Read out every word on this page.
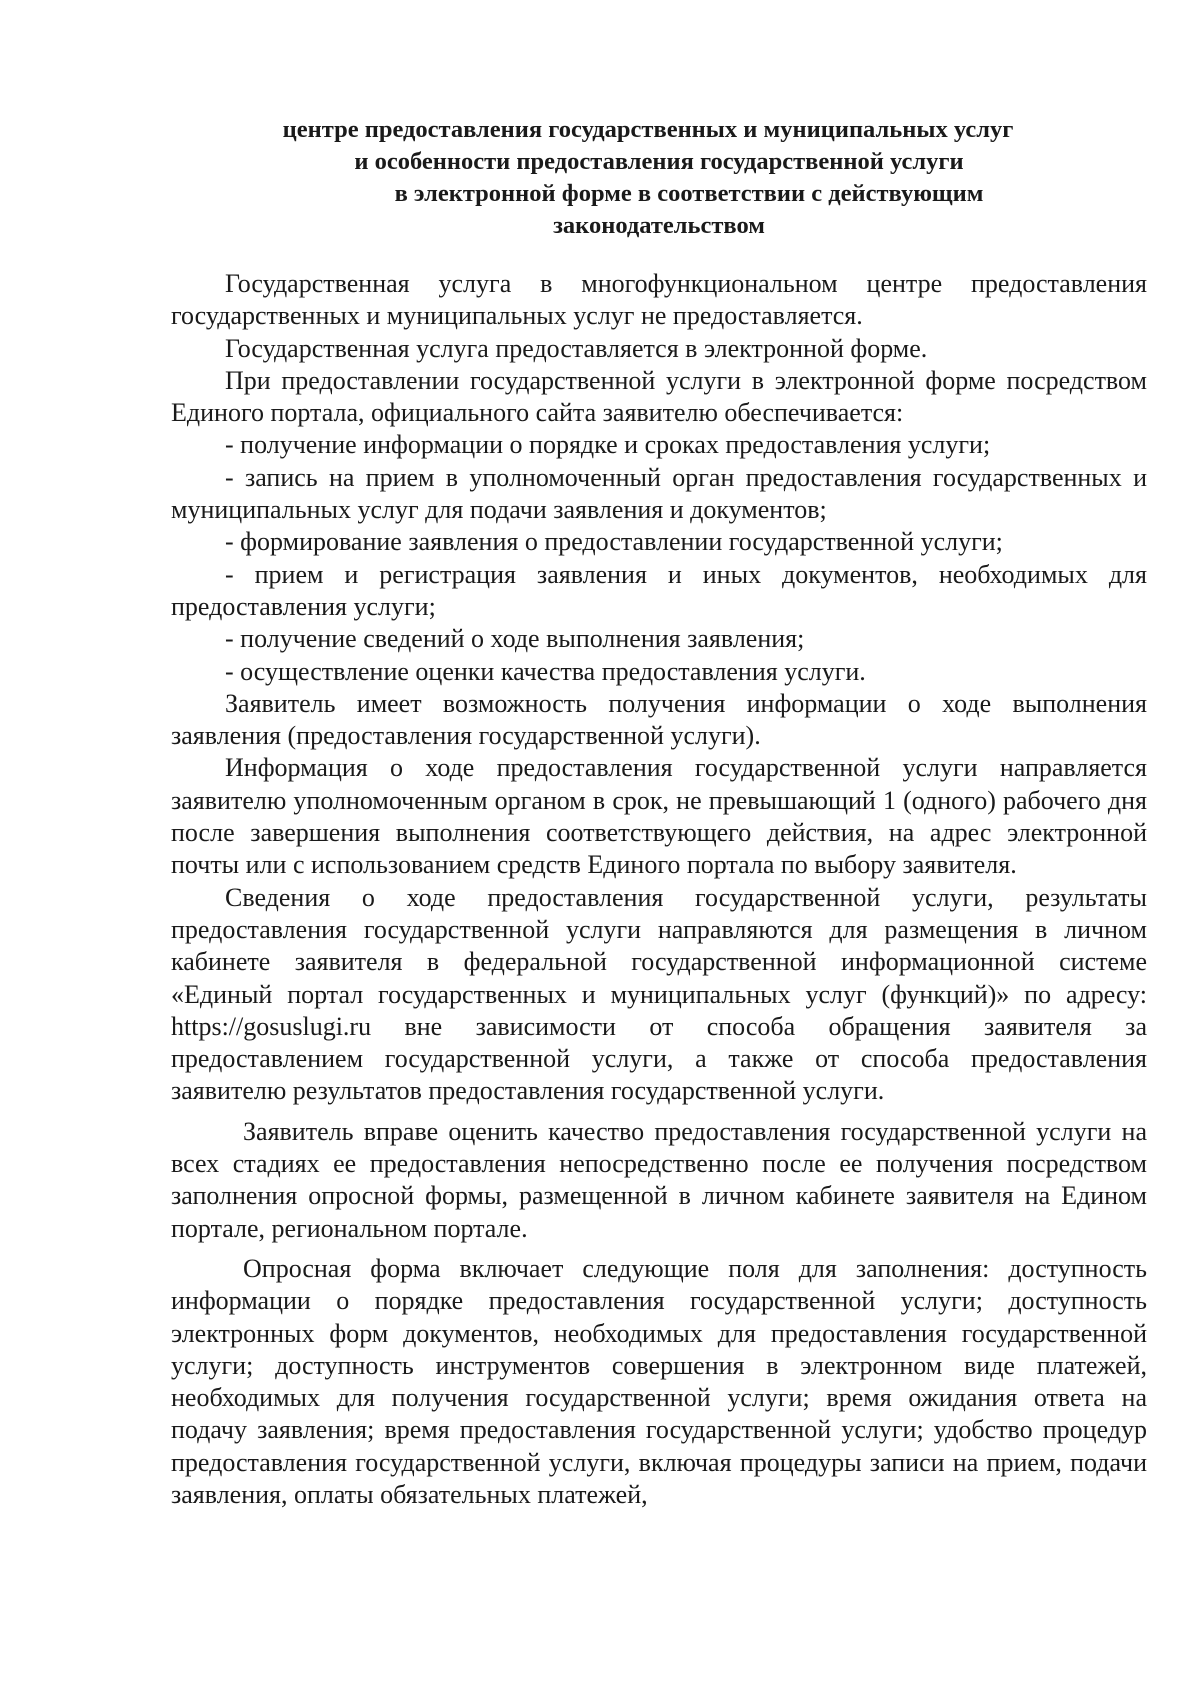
центре предоставления государственных и муниципальных услуг
и особенности предоставления государственной услуги
в электронной форме в соответствии с действующим
законодательством

Государственная услуга в многофункциональном центре предоставления государственных и муниципальных услуг не предоставляется.

Государственная услуга предоставляется в электронной форме.

При предоставлении государственной услуги в электронной форме посредством Единого портала, официального сайта заявителю обеспечивается:

- получение информации о порядке и сроках предоставления услуги;

- запись на прием в уполномоченный орган предоставления государственных и муниципальных услуг для подачи заявления и документов;

- формирование заявления о предоставлении государственной услуги;

- прием и регистрация заявления и иных документов, необходимых для предоставления услуги;

- получение сведений о ходе выполнения заявления;

- осуществление оценки качества предоставления услуги.

Заявитель имеет возможность получения информации о ходе выполнения заявления (предоставления государственной услуги).

Информация о ходе предоставления государственной услуги направляется заявителю уполномоченным органом в срок, не превышающий 1 (одного) рабочего дня после завершения выполнения соответствующего действия, на адрес электронной почты или с использованием средств Единого портала по выбору заявителя.

Сведения о ходе предоставления государственной услуги, результаты предоставления государственной услуги направляются для размещения в личном кабинете заявителя в федеральной государственной информационной системе «Единый портал государственных и муниципальных услуг (функций)» по адресу: https://gosuslugi.ru вне зависимости от способа обращения заявителя за предоставлением государственной услуги, а также от способа предоставления заявителю результатов предоставления государственной услуги.

Заявитель вправе оценить качество предоставления государственной услуги на всех стадиях ее предоставления непосредственно после ее получения посредством заполнения опросной формы, размещенной в личном кабинете заявителя на Едином портале, региональном портале.

Опросная форма включает следующие поля для заполнения: доступность информации о порядке предоставления государственной услуги; доступность электронных форм документов, необходимых для предоставления государственной услуги; доступность инструментов совершения в электронном виде платежей, необходимых для получения государственной услуги; время ожидания ответа на подачу заявления; время предоставления государственной услуги; удобство процедур предоставления государственной услуги, включая процедуры записи на прием, подачи заявления, оплаты обязательных платежей,
